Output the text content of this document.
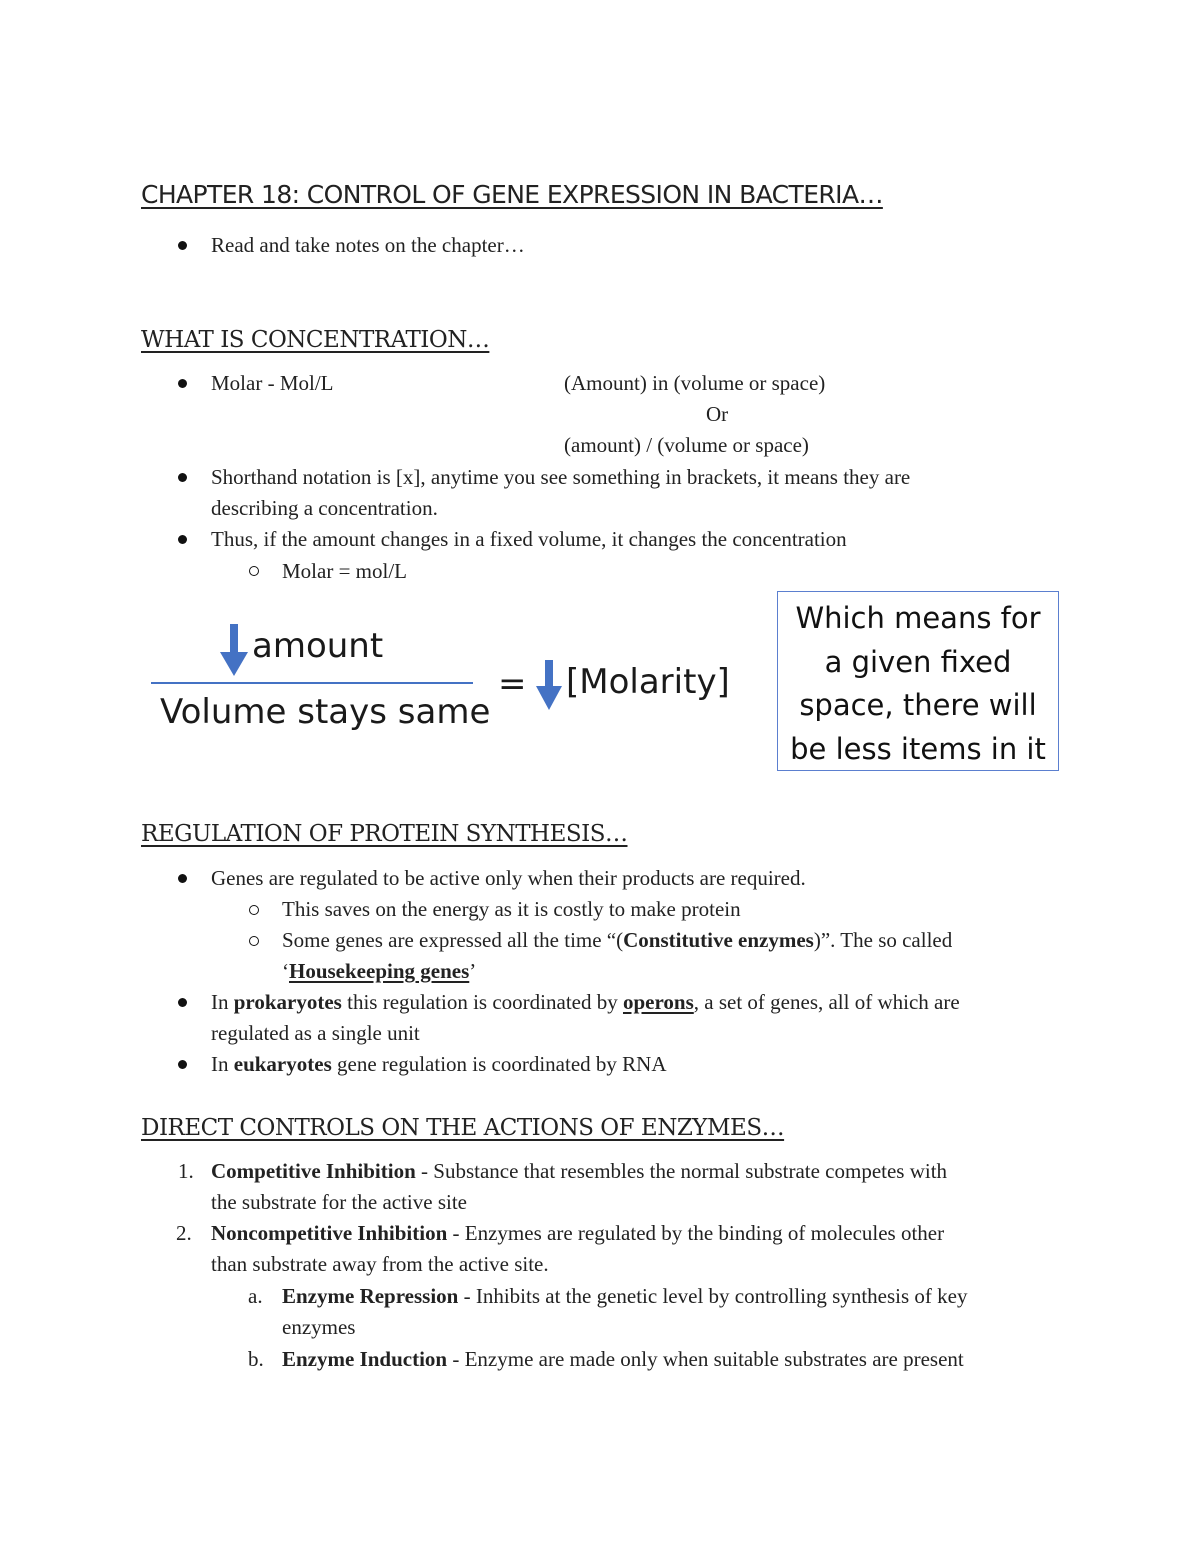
CHAPTER 18: CONTROL OF GENE EXPRESSION IN BACTERIA…
Read and take notes on the chapter…
WHAT IS CONCENTRATION…
Molar - Mol/L	(Amount) in (volume or space)
Or
(amount) / (volume or space)
Shorthand notation is [x], anytime you see something in brackets, it means they are
describing a concentration.
Thus, if the amount changes in a fixed volume, it changes the concentration
Molar = mol/L
amount
Volume stays same
= [Molarity]
Which means for
a given fixed
space, there will
be less items in it
REGULATION OF PROTEIN SYNTHESIS…
Genes are regulated to be active only when their products are required.
This saves on the energy as it is costly to make protein
Some genes are expressed all the time “(Constitutive enzymes)”. The so called
‘Housekeeping genes’
In prokaryotes this regulation is coordinated by operons, a set of genes, all of which are
regulated as a single unit
In eukaryotes gene regulation is coordinated by RNA
DIRECT CONTROLS ON THE ACTIONS OF ENZYMES…
1. Competitive Inhibition - Substance that resembles the normal substrate competes with
the substrate for the active site
2. Noncompetitive Inhibition - Enzymes are regulated by the binding of molecules other
than substrate away from the active site.
a. Enzyme Repression - Inhibits at the genetic level by controlling synthesis of key
enzymes
b. Enzyme Induction - Enzyme are made only when suitable substrates are present
